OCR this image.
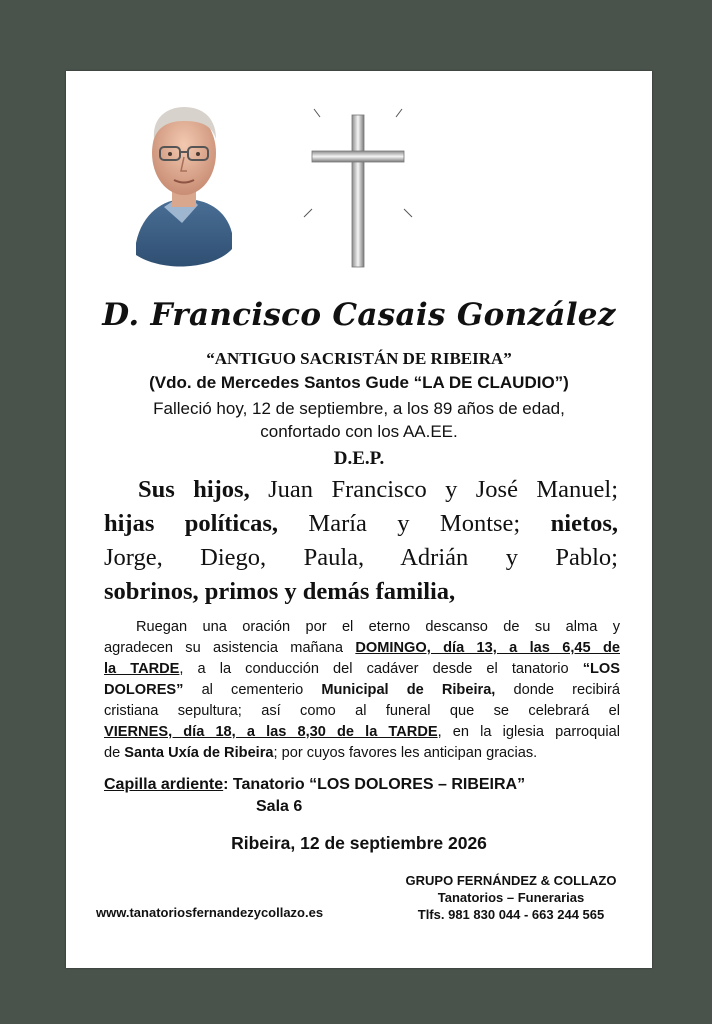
D. Francisco Casais González
“ANTIGUO SACRISTÁN DE RIBEIRA”
(Vdo. de Mercedes Santos Gude “LA DE CLAUDIO”)
Falleció hoy, 12 de septiembre, a los 89 años de edad,
confortado con los AA.EE.
D.E.P.
Sus hijos, Juan Francisco y José Manuel;
hijas políticas, María y Montse; nietos,
Jorge, Diego, Paula, Adrián y Pablo;
sobrinos, primos y demás familia,
Ruegan una oración por el eterno descanso de su alma y
agradecen su asistencia mañana DOMINGO, día 13, a las 6,45 de
la TARDE, a la conducción del cadáver desde el tanatorio “LOS
DOLORES” al cementerio Municipal de Ribeira, donde recibirá
cristiana sepultura; así como al funeral que se celebrará el
VIERNES, día 18, a las 8,30 de la TARDE, en la iglesia parroquial
de Santa Uxía de Ribeira; por cuyos favores les anticipan gracias.
Capilla ardiente: Tanatorio “LOS DOLORES – RIBEIRA”
Sala 6
Ribeira, 12 de septiembre 2026
GRUPO FERNÁNDEZ & COLLAZO
Tanatorios – Funerarias
Tlfs. 981 830 044 - 663 244 565
www.tanatoriosfernandezycollazo.es
